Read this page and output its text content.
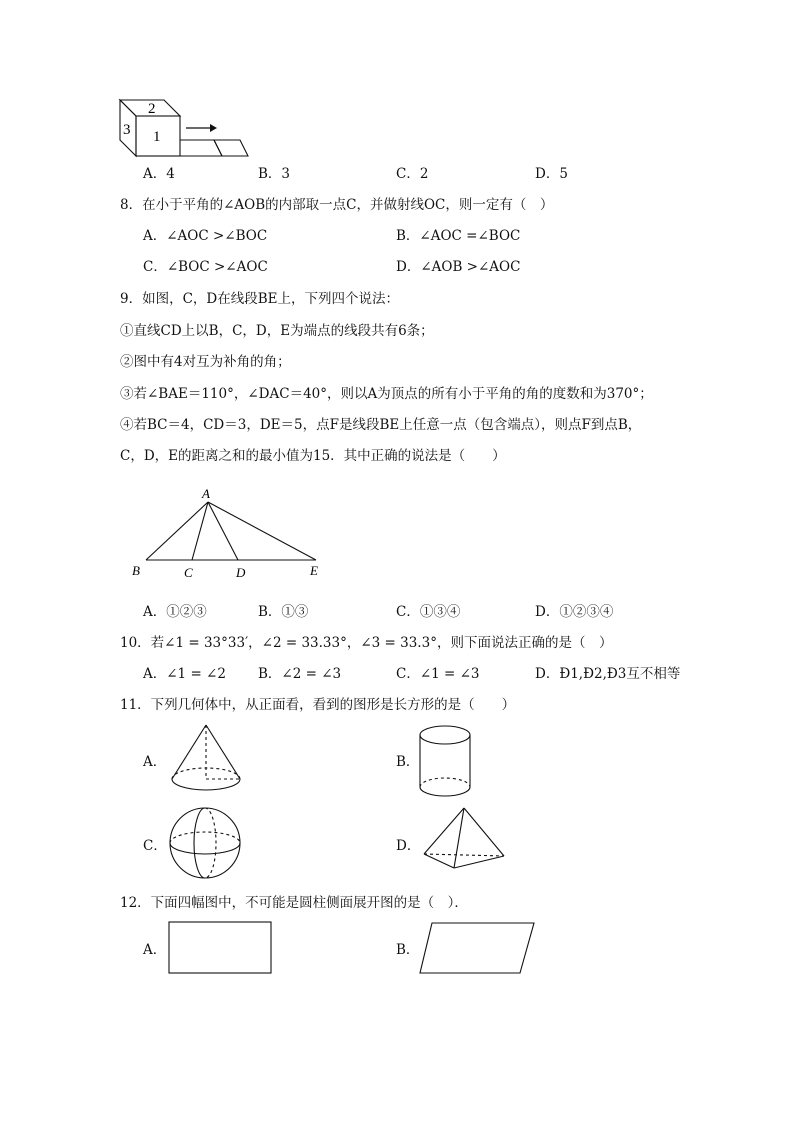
2
3 1
A．4	B．3	C．2	D．5
8．在小于平角的∠AOB的内部取一点C，并做射线OC，则一定有（　）
A．∠AOC >∠BOC	B．∠AOC =∠BOC
C．∠BOC >∠AOC	D．∠AOB >∠AOC
9．如图，C，D在线段BE上，下列四个说法：
①直线CD上以B，C，D，E为端点的线段共有6条；
②图中有4对互为补角的角；
③若∠BAE＝110°，∠DAC＝40°，则以A为顶点的所有小于平角的角的度数和为370°；
④若BC＝4，CD＝3，DE＝5，点F是线段BE上任意一点（包含端点），则点F到点B，
C，D，E的距离之和的最小值为15．其中正确的说法是（　　）
A
B	C	D	E
A．①②③	B．①③	C．①③④	D．①②③④
10．若∠1 = 33°33′，∠2 = 33.33°，∠3 = 33.3°，则下面说法正确的是（　）
A．∠1 = ∠2 B．∠2 = ∠3	C．∠1 = ∠3	D．Ð1,Ð2,Ð3互不相等
11．下列几何体中，从正面看，看到的图形是长方形的是（　　）
A．	B．
C．	D．
12．下面四幅图中，不可能是圆柱侧面展开图的是（　）．
A．	B．
